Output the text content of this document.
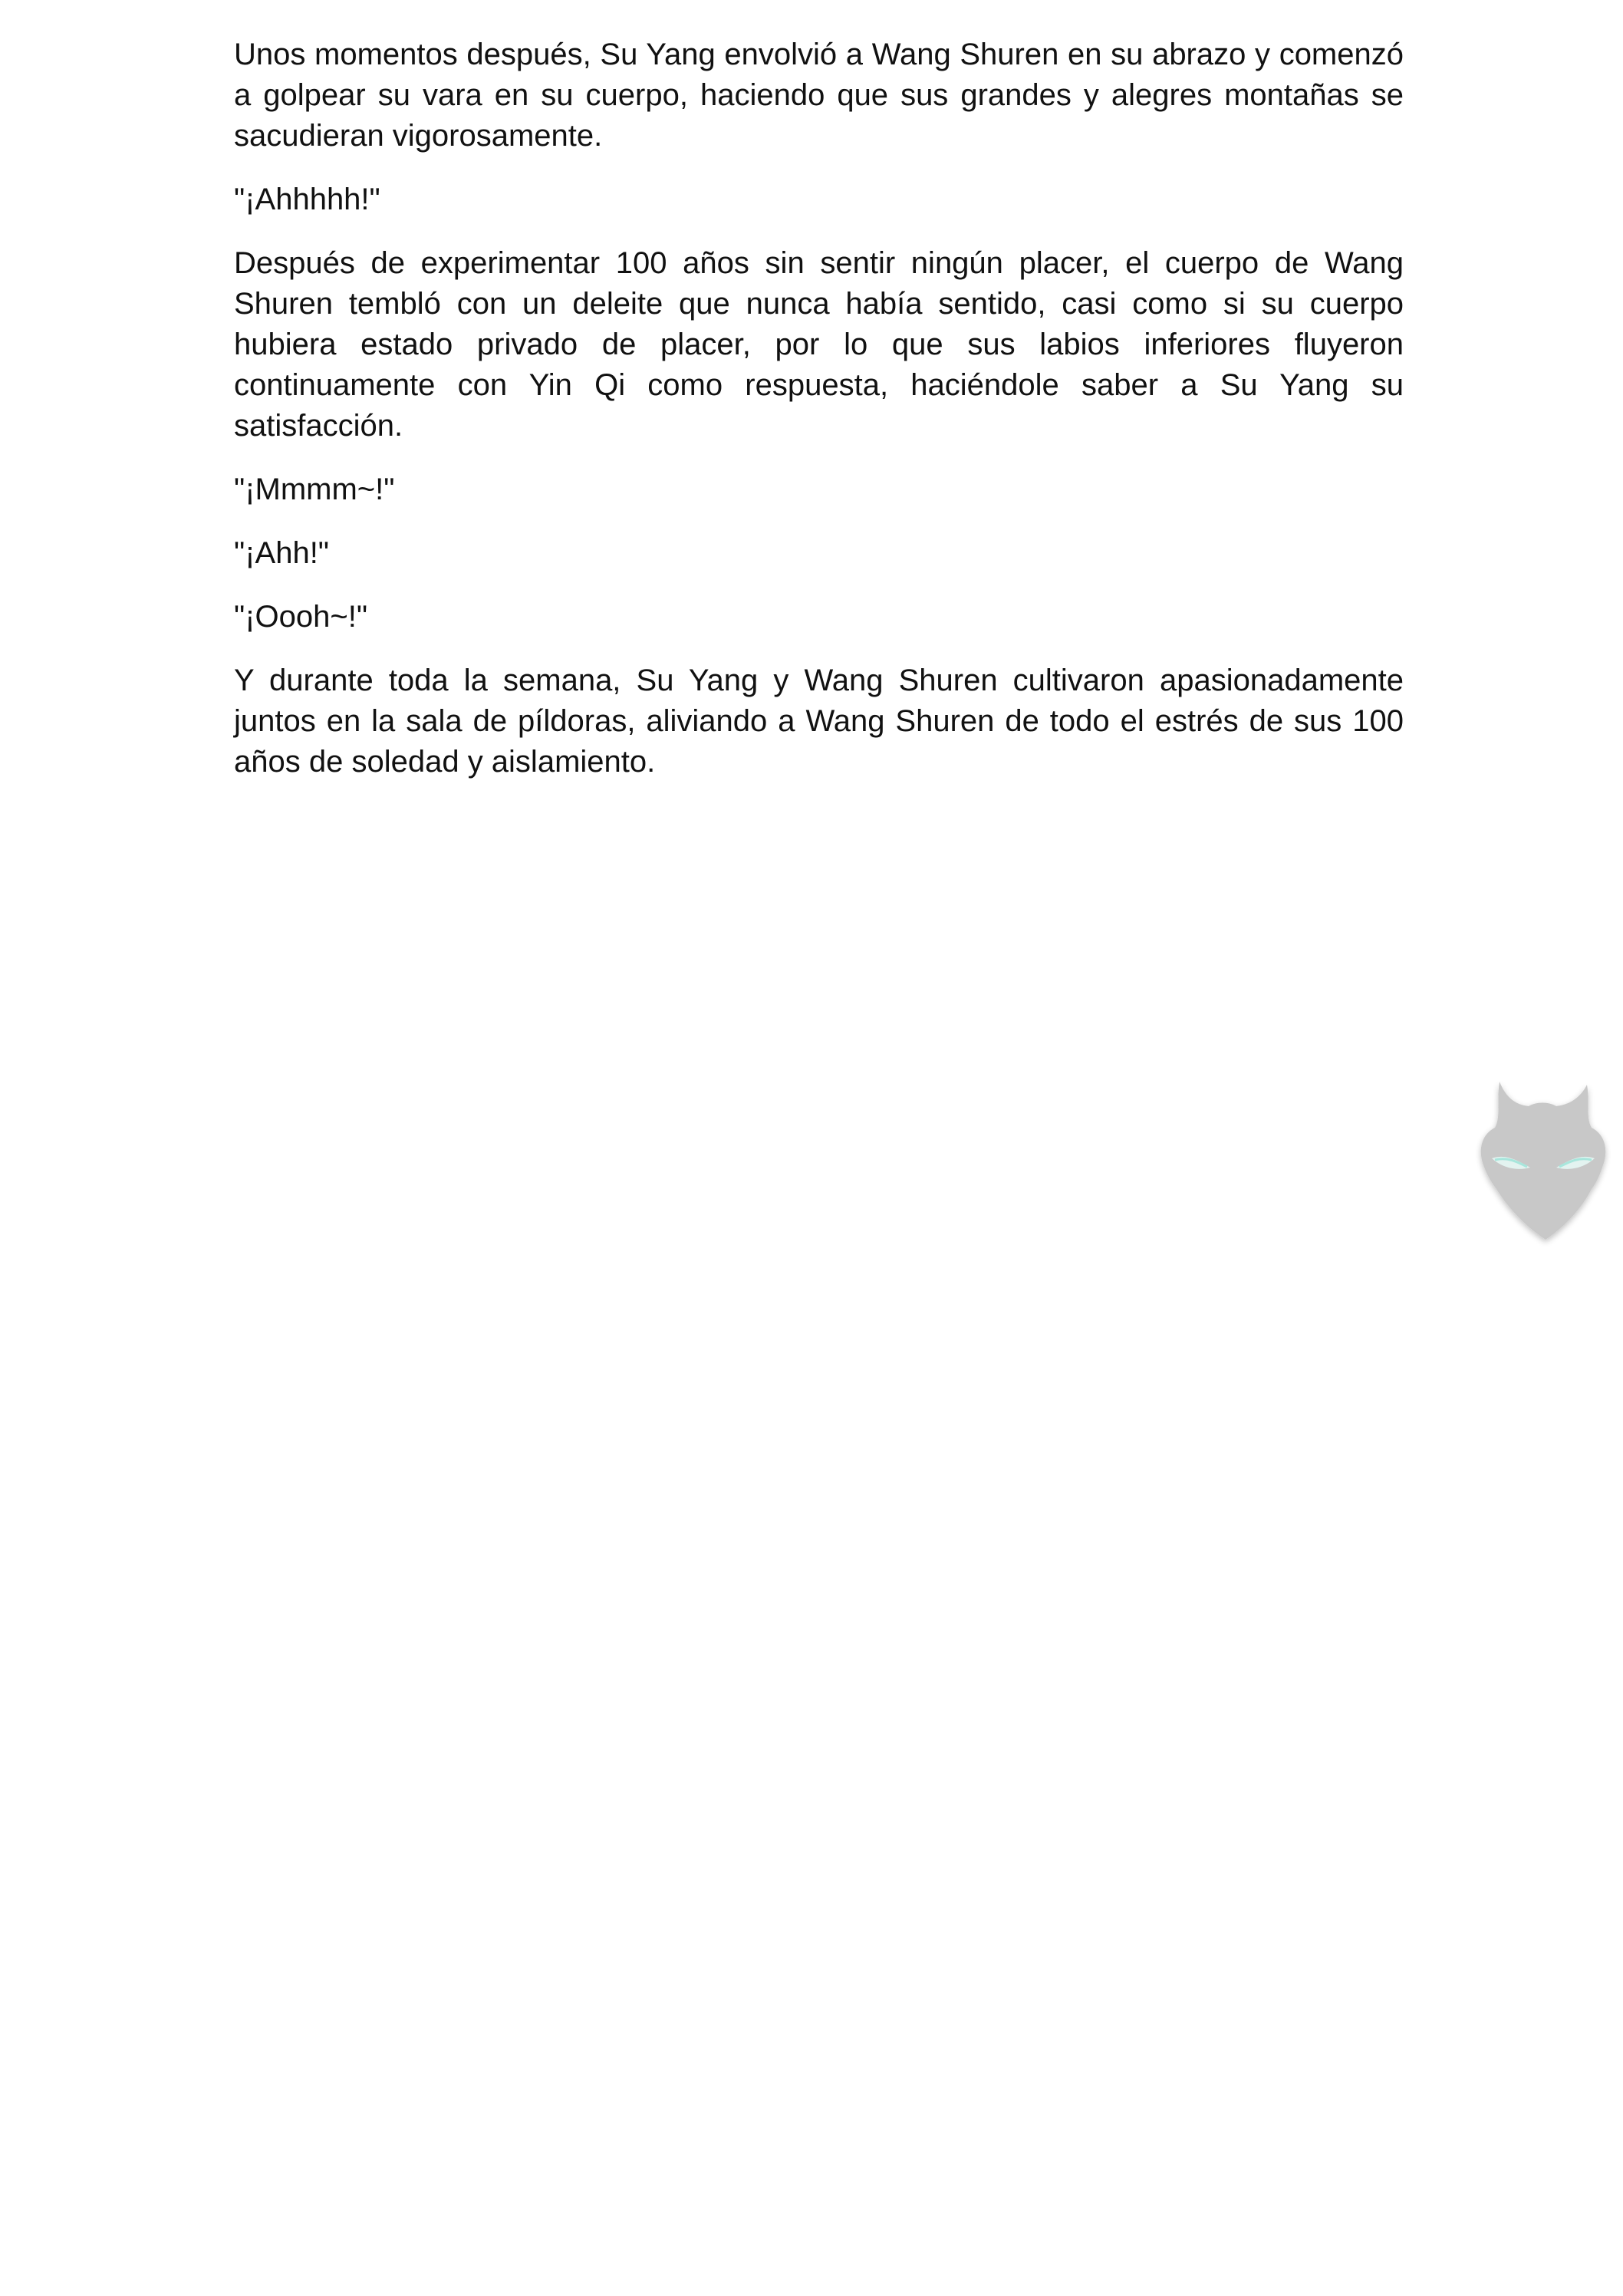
Unos momentos después, Su Yang envolvió a Wang Shuren en su abrazo y comenzó a golpear su vara en su cuerpo, haciendo que sus grandes y alegres montañas se sacudieran vigorosamente.

"¡Ahhhhh!"

Después de experimentar 100 años sin sentir ningún placer, el cuerpo de Wang Shuren tembló con un deleite que nunca había sentido, casi como si su cuerpo hubiera estado privado de placer, por lo que sus labios inferiores fluyeron continuamente con Yin Qi como respuesta, haciéndole saber a Su Yang su satisfacción.

"¡Mmmm~!"

"¡Ahh!"

"¡Oooh~!"

Y durante toda la semana, Su Yang y Wang Shuren cultivaron apasionadamente juntos en la sala de píldoras, aliviando a Wang Shuren de todo el estrés de sus 100 años de soledad y aislamiento.
